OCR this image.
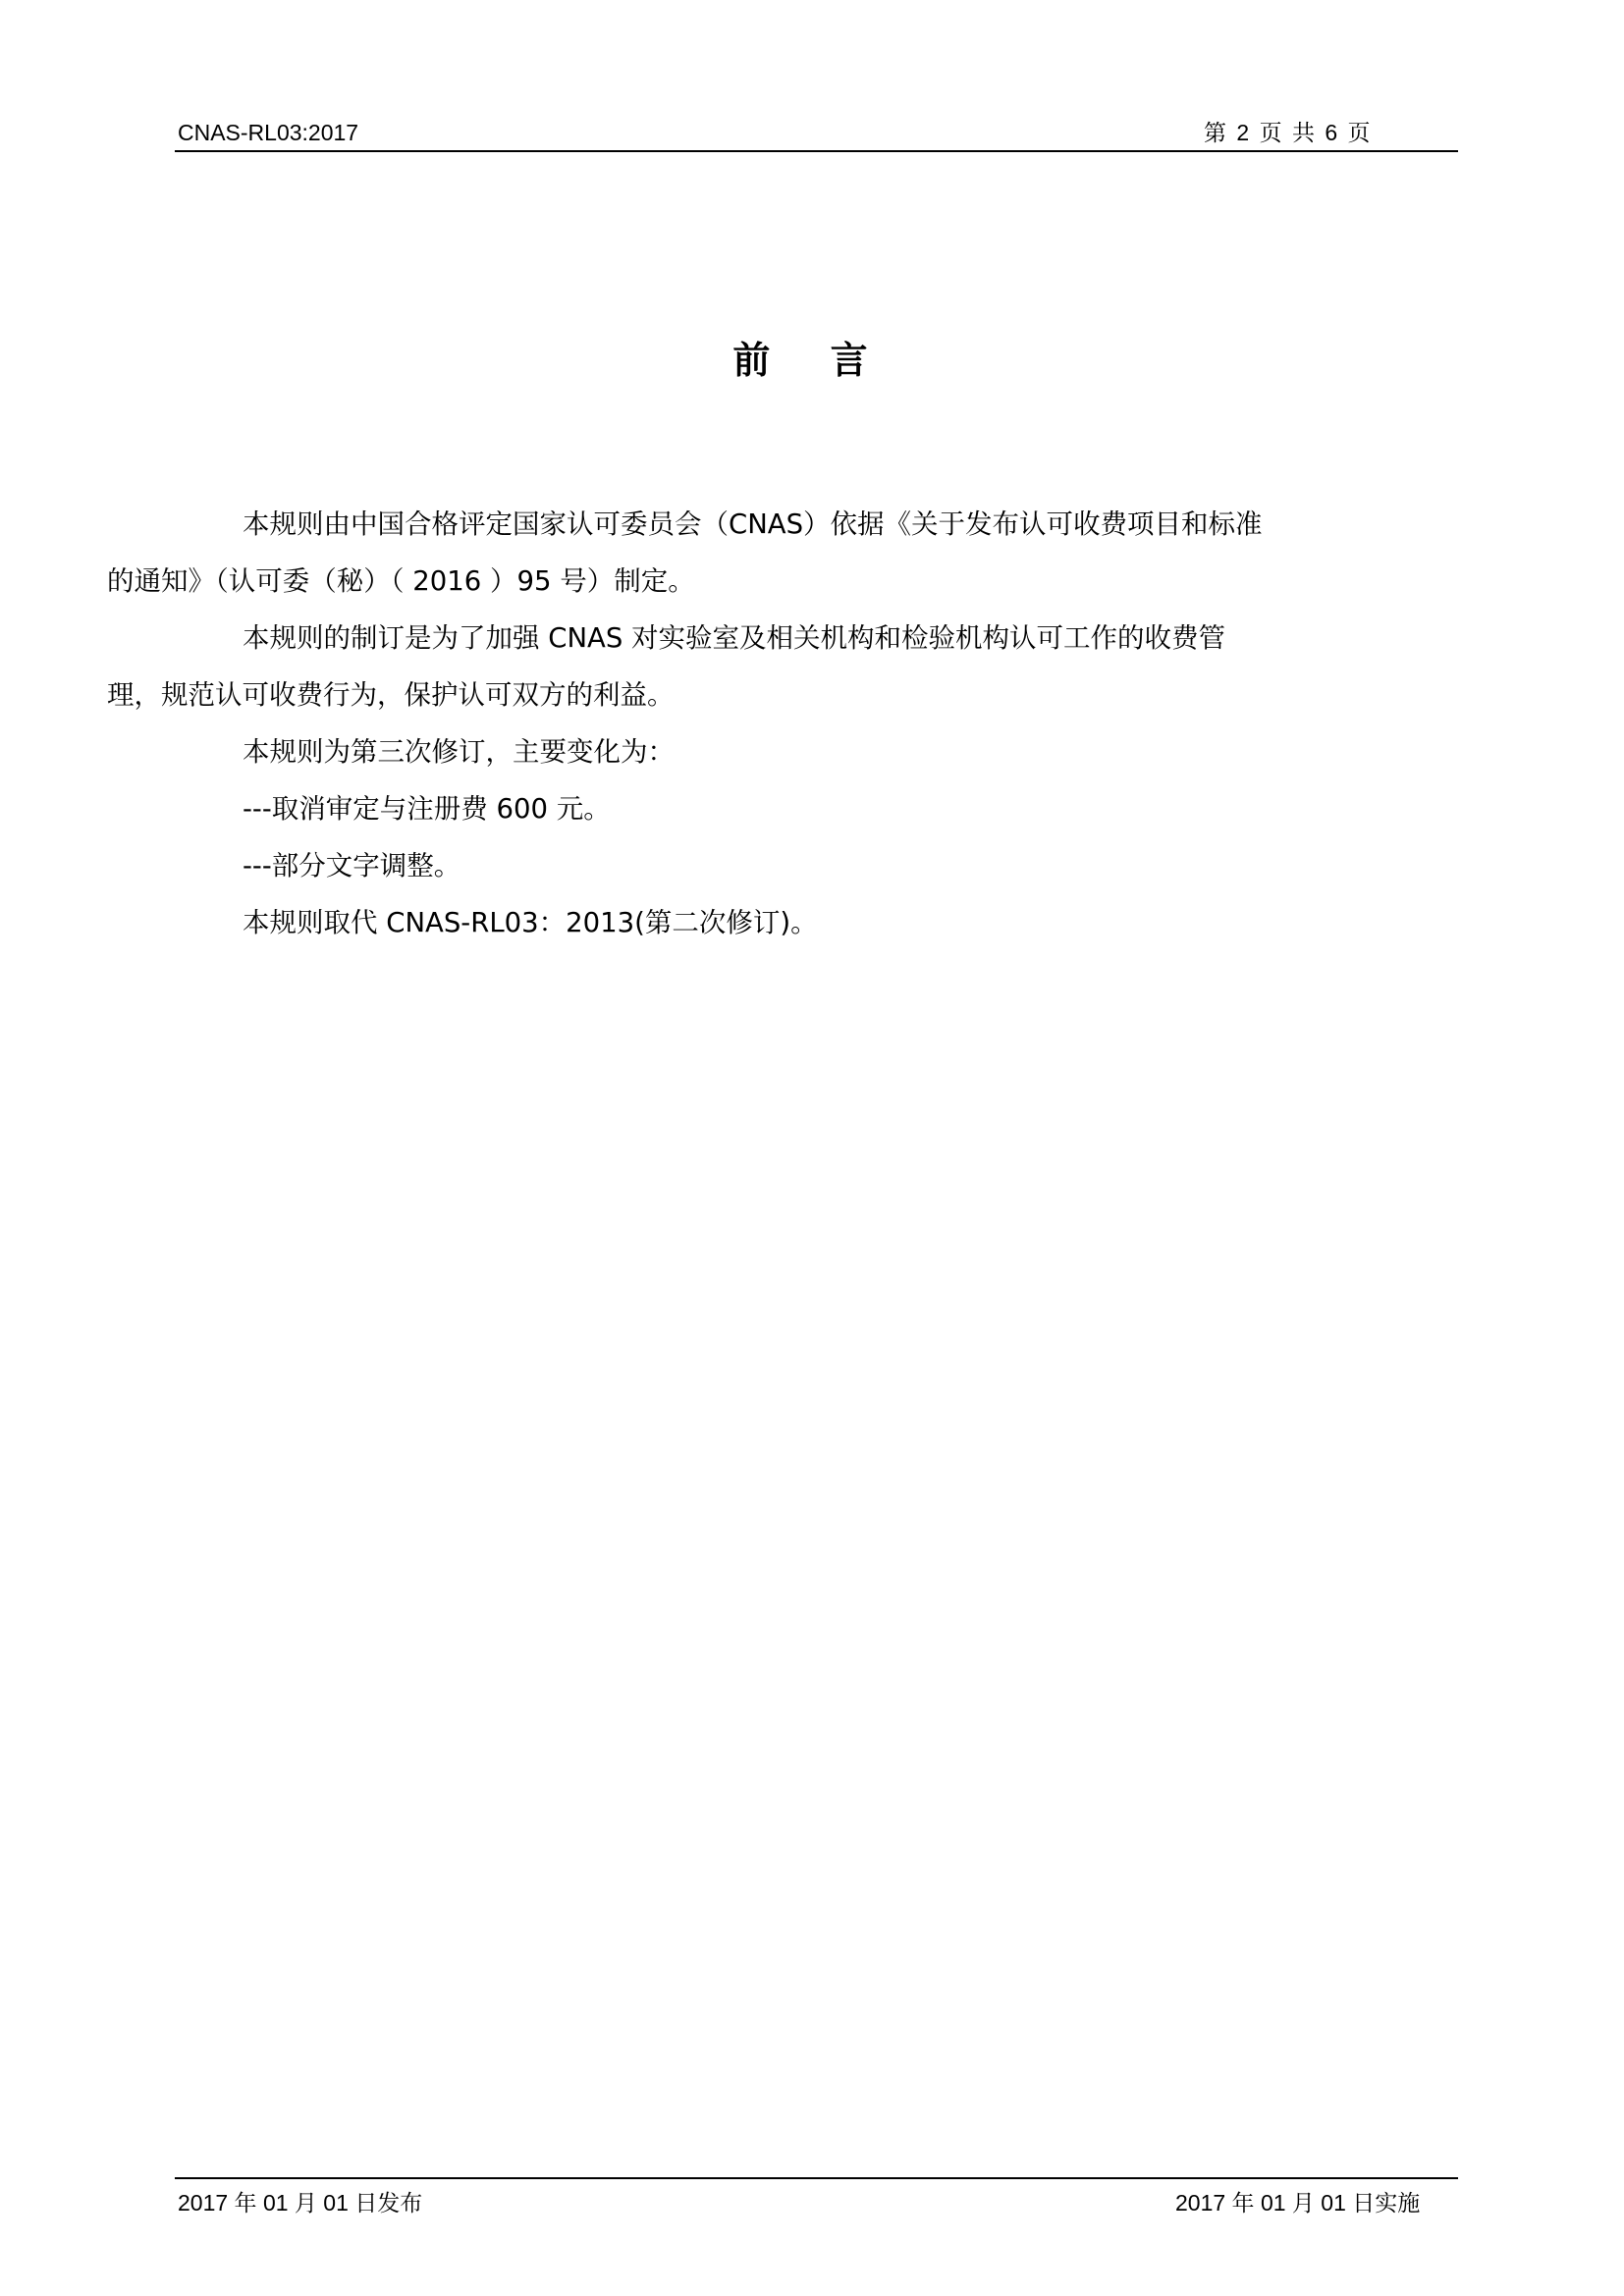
CNAS-RL03:2017	第 2 页 共 6 页
前 言

本规则由中国合格评定国家认可委员会（CNAS）依据《关于发布认可收费项目和标准
的通知》（认可委（秘）（ 2016 ）95 号）制定。

本规则的制订是为了加强 CNAS 对实验室及相关机构和检验机构认可工作的收费管
理，规范认可收费行为，保护认可双方的利益。

本规则为第三次修订，主要变化为：

---取消审定与注册费 600 元。

---部分文字调整。

本规则取代 CNAS-RL03：2013(第二次修订)。

2017 年 01 月 01 日发布	2017 年 01 月 01 日实施
